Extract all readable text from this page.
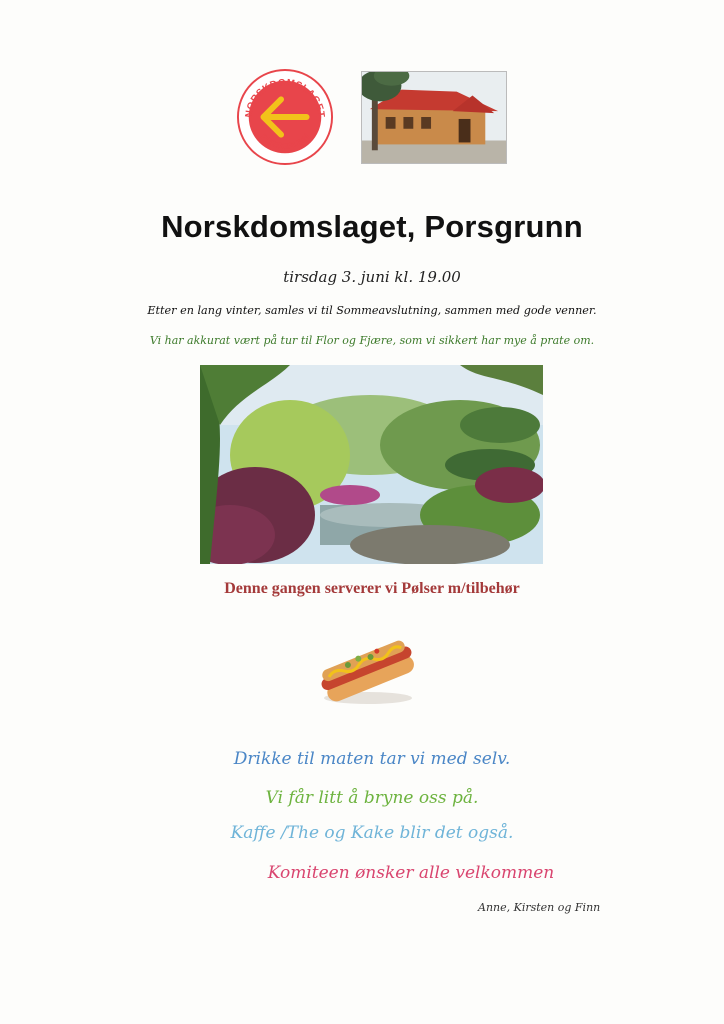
NORSKDOMSLAGET
PORSGRUNN
Norskdomslaget, Porsgrunn
tirsdag 3. juni kl. 19.00
Etter en lang vinter, samles vi til Sommeavslutning, sammen med gode venner.
Vi har akkurat vært på tur til Flor og Fjære, som vi sikkert har mye å prate om.
Denne gangen serverer vi Pølser m/tilbehør
Drikke til maten tar vi med selv.
Vi får litt å bryne oss på.
Kaffe /The og Kake blir det også.
Komiteen ønsker alle velkommen
Anne, Kirsten og Finn
